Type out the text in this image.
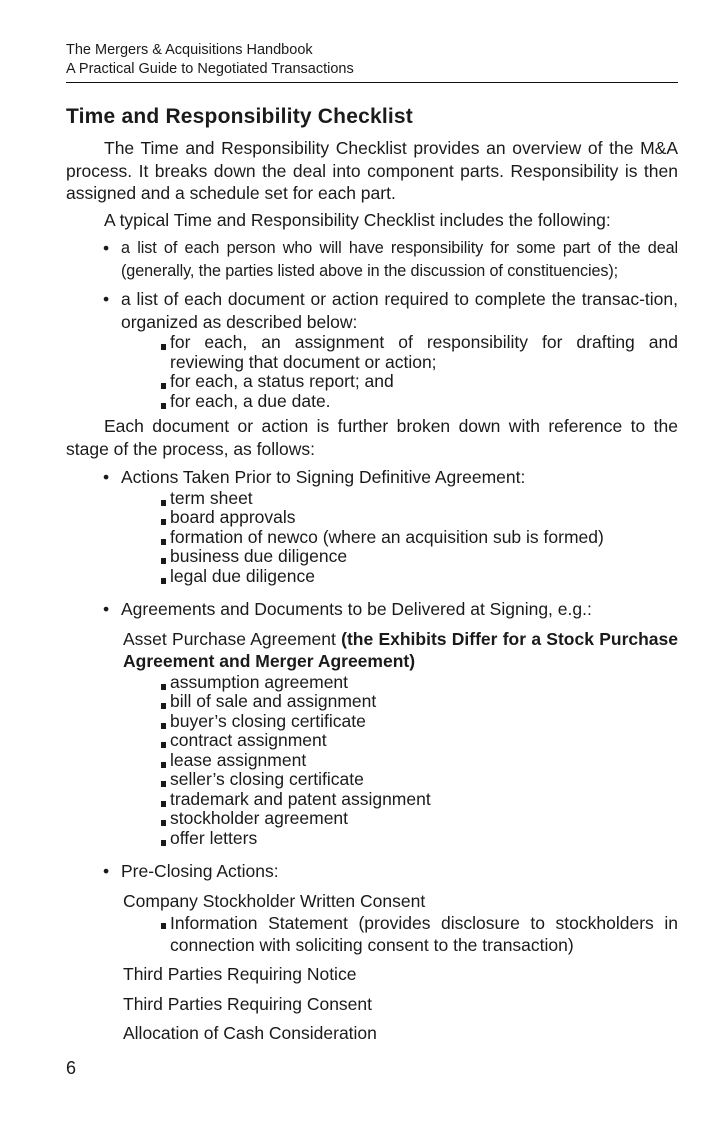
The Mergers & Acquisitions Handbook
A Practical Guide to Negotiated Transactions
Time and Responsibility Checklist

The Time and Responsibility Checklist provides an overview of the M&A process. It breaks down the deal into component parts. Responsibility is then assigned and a schedule set for each part.

A typical Time and Responsibility Checklist includes the following:

• a list of each person who will have responsibility for some part of the deal (generally, the parties listed above in the discussion of constituencies);
• a list of each document or action required to complete the transac-tion, organized as described below:
for each, an assignment of responsibility for drafting and reviewing that document or action;
for each, a status report; and
for each, a due date.

Each document or action is further broken down with reference to the stage of the process, as follows:

• Actions Taken Prior to Signing Definitive Agreement:
term sheet
board approvals
formation of newco (where an acquisition sub is formed)
business due diligence
legal due diligence
• Agreements and Documents to be Delivered at Signing, e.g.:
Asset Purchase Agreement (the Exhibits Differ for a Stock Purchase Agreement and Merger Agreement)
assumption agreement
bill of sale and assignment
buyer’s closing certificate
contract assignment
lease assignment
seller’s closing certificate
trademark and patent assignment
stockholder agreement
offer letters
• Pre-Closing Actions:
Company Stockholder Written Consent
Information Statement (provides disclosure to stockholders in connection with soliciting consent to the transaction)
Third Parties Requiring Notice
Third Parties Requiring Consent
Allocation of Cash Consideration
6
